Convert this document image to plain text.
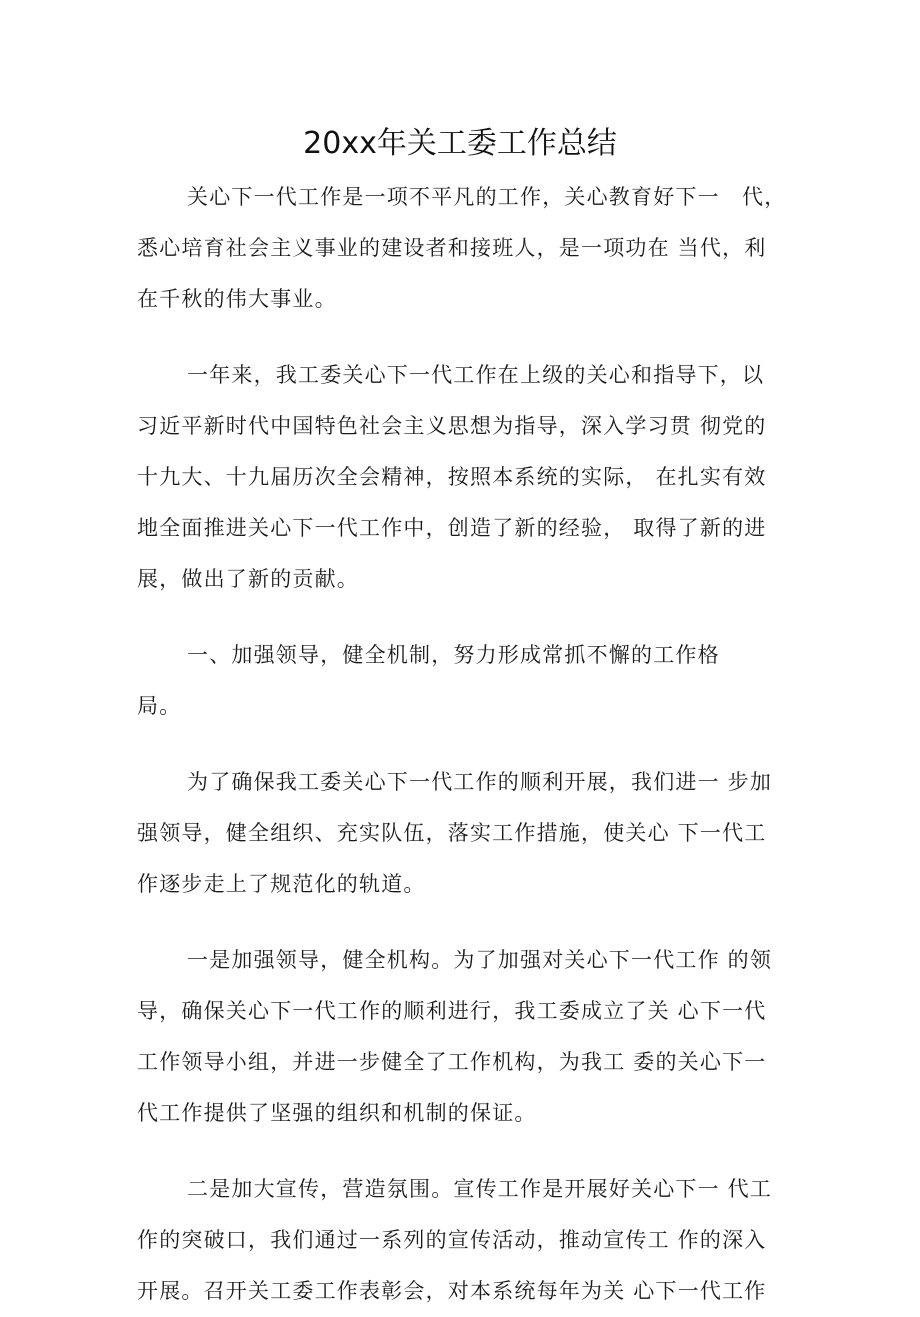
20xx年关工委工作总结
关心下一代工作是一项不平凡的工作，关心教育好下一　代，
悉心培育社会主义事业的建设者和接班人，是一项功在 当代，利
在千秋的伟大事业。
一年来，我工委关心下一代工作在上级的关心和指导下，以
习近平新时代中国特色社会主义思想为指导，深入学习贯 彻党的
十九大、十九届历次全会精神，按照本系统的实际， 在扎实有效
地全面推进关心下一代工作中，创造了新的经验， 取得了新的进
展，做出了新的贡献。
一、加强领导，健全机制，努力形成常抓不懈的工作格
局。
为了确保我工委关心下一代工作的顺利开展，我们进一 步加
强领导，健全组织、充实队伍，落实工作措施，使关心 下一代工
作逐步走上了规范化的轨道。
一是加强领导，健全机构。为了加强对关心下一代工作 的领
导，确保关心下一代工作的顺利进行，我工委成立了关 心下一代
工作领导小组，并进一步健全了工作机构，为我工 委的关心下一
代工作提供了坚强的组织和机制的保证。
二是加大宣传，营造氛围。宣传工作是开展好关心下一 代工
作的突破口，我们通过一系列的宣传活动，推动宣传工 作的深入
开展。召开关工委工作表彰会，对本系统每年为关 心下一代工作
